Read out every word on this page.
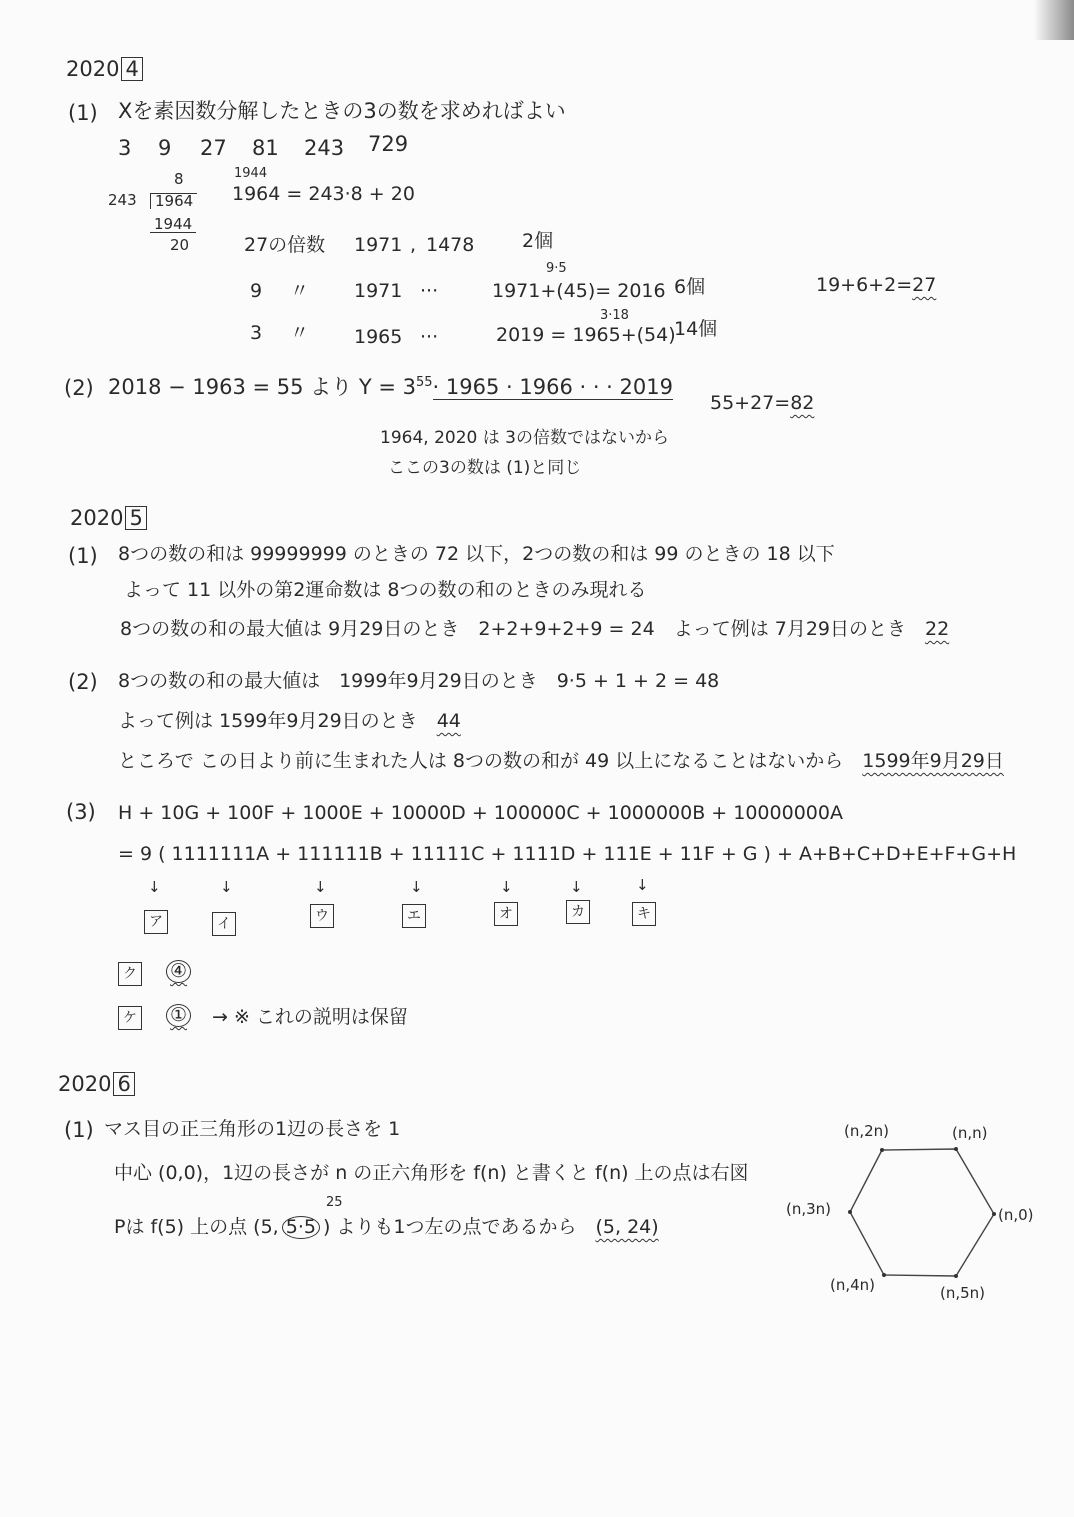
2020 4
(1) Xを素因数分解したときの3の数を求めればよい
3 9 27 81 243 729
8
243	1964
1944
20
1944
1964 = 243·8 + 20
27の倍数 1971 , 1478	2個
9·5
9 〃 1971 ···	1971+(45)= 2016 6個
3·18
3 〃 1965 ···	2019 = 1965+(54)
14個
19+6+2=27
(2) 2018 − 1963 = 55 より $Y = 3^{55}\cdot 1965 \cdot 1966$ · · · 2019
55+27=82
1964, 2020 は 3の倍数ではないから
ここの3の数は (1)と同じ
2020 5
(1) 8つの数の和は 99999999 のときの 72 以下，2つの数の和は 99 のときの 18 以下
よって 11 以外の第2運命数は 8つの数の和のときのみ現れる
8つの数の和の最大値は 9月29日のとき　2+2+9+2+9 = 24　よって例は 7月29日のとき　 22
(2) 8つの数の和の最大値は　1999年9月29日のとき　9·5 + 1 + 2 = 48
よって例は 1599年9月29日のとき　 44
ところで この日より前に生まれた人は 8つの数の和が 49 以上になることはないから　 1599年9月29日
(3) H + 10G + 100F + 1000E + 10000D + 100000C + 1000000B + 10000000A
= 9 ( 1111111A + 111111B + 11111C + 1111D + 111E + 11F + G ) + A+B+C+D+E+F+G+H
↓	↓	↓	↓	↓	↓	↓
ア	イ	ウ	エ	オ	カ	キ
ク ④
ケ ① → ※ これの説明は保留
2020 6
(1) マス目の正三角形の1辺の長さを 1
中心 (0,0)，1辺の長さが n の正六角形を f(n) と書くと f(n) 上の点は右図
25
Pは f(5) 上の点 (5, 5·5 ) よりも1つ左の点であるから　 (5, 24)
(n,2n)	(n,n)
(n,3n)	(n,0)
(n,4n)	(n,5n)
